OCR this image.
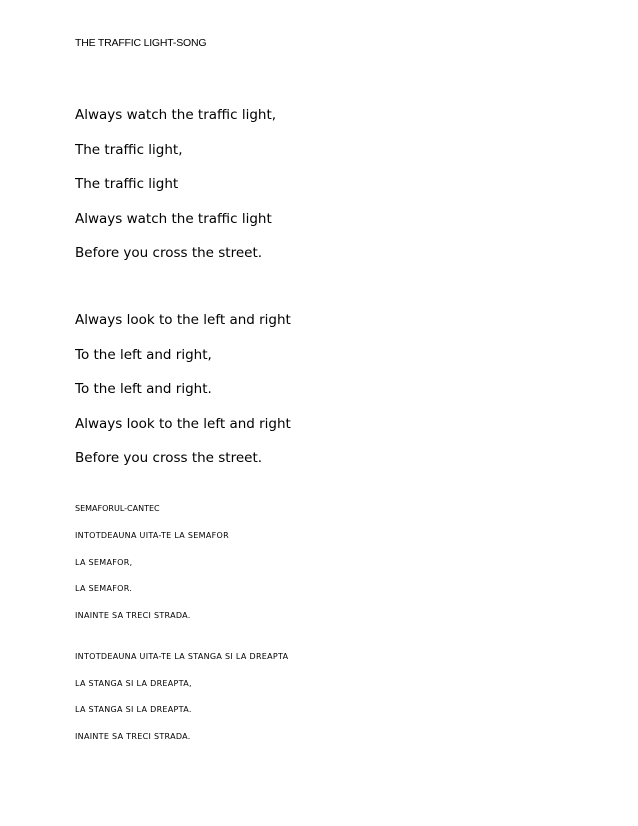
THE TRAFFIC LIGHT-SONG
Always watch the traffic light,
The traffic light,
The traffic light
Always watch the traffic light
Before you cross the street.
Always look to the left and right
To the left and right,
To the left and right.
Always look to the left and right
Before you cross the street.
SEMAFORUL-CANTEC
INTOTDEAUNA UITA-TE LA SEMAFOR
LA SEMAFOR,
LA SEMAFOR.
INAINTE SA TRECI STRADA.
INTOTDEAUNA UITA-TE LA STANGA SI LA DREAPTA
LA STANGA SI LA DREAPTA,
LA STANGA SI LA DREAPTA.
INAINTE SA TRECI STRADA.
